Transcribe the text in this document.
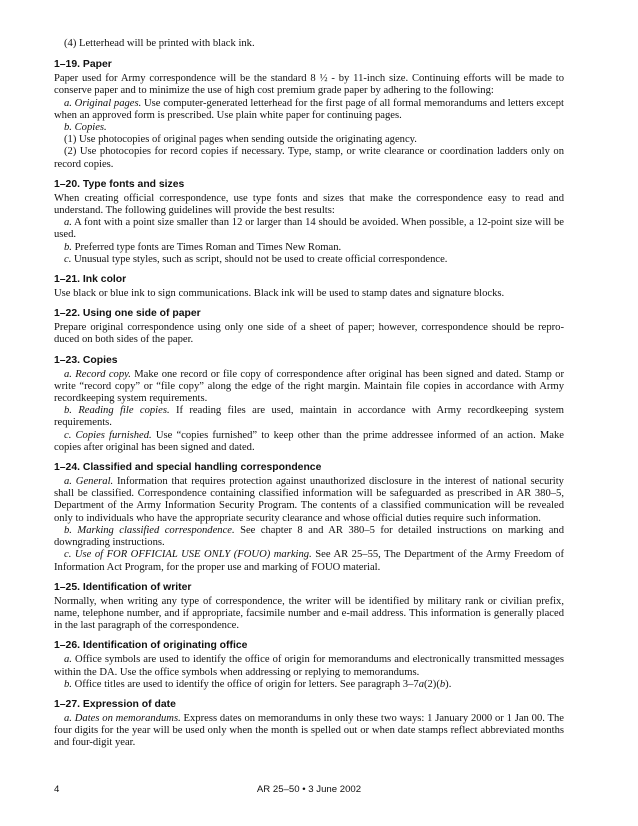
(4) Letterhead will be printed with black ink.

1–19. Paper

Paper used for Army correspondence will be the standard 8 ½ - by 11-inch size. Continuing efforts will be made to conserve paper and to minimize the use of high cost premium grade paper by adhering to the following:

a. Original pages. Use computer-generated letterhead for the first page of all formal memorandums and letters except when an approved form is prescribed. Use plain white paper for continuing pages.

b. Copies.

(1) Use photocopies of original pages when sending outside the originating agency.

(2) Use photocopies for record copies if necessary. Type, stamp, or write clearance or coordination ladders only on record copies.

1–20. Type fonts and sizes

When creating official correspondence, use type fonts and sizes that make the correspondence easy to read and understand. The following guidelines will provide the best results:

a. A font with a point size smaller than 12 or larger than 14 should be avoided. When possible, a 12-point size will be used.

b. Preferred type fonts are Times Roman and Times New Roman.

c. Unusual type styles, such as script, should not be used to create official correspondence.

1–21. Ink color

Use black or blue ink to sign communications. Black ink will be used to stamp dates and signature blocks.

1–22. Using one side of paper

Prepare original correspondence using only one side of a sheet of paper; however, correspondence should be repro- duced on both sides of the paper.

1–23. Copies

a. Record copy. Make one record or file copy of correspondence after original has been signed and dated. Stamp or write “record copy” or “file copy” along the edge of the right margin. Maintain file copies in accordance with Army recordkeeping system requirements.

b. Reading file copies. If reading files are used, maintain in accordance with Army recordkeeping system requirements.

c. Copies furnished. Use “copies furnished” to keep other than the prime addressee informed of an action. Make copies after original has been signed and dated.

1–24. Classified and special handling correspondence

a. General. Information that requires protection against unauthorized disclosure in the interest of national security shall be classified. Correspondence containing classified information will be safeguarded as prescribed in AR 380–5, Department of the Army Information Security Program. The contents of a classified communication will be revealed only to individuals who have the appropriate security clearance and whose official duties require such information.

b. Marking classified correspondence. See chapter 8 and AR 380–5 for detailed instructions on marking and downgrading instructions.

c. Use of FOR OFFICIAL USE ONLY (FOUO) marking. See AR 25–55, The Department of the Army Freedom of Information Act Program, for the proper use and marking of FOUO material.

1–25. Identification of writer

Normally, when writing any type of correspondence, the writer will be identified by military rank or civilian prefix, name, telephone number, and if appropriate, facsimile number and e-mail address. This information is generally placed in the last paragraph of the correspondence.

1–26. Identification of originating office

a. Office symbols are used to identify the office of origin for memorandums and electronically transmitted messages within the DA. Use the office symbols when addressing or replying to memorandums.

b. Office titles are used to identify the office of origin for letters. See paragraph 3–7a(2)(b).

1–27. Expression of date

a. Dates on memorandums. Express dates on memorandums in only these two ways: 1 January 2000 or 1 Jan 00. The four digits for the year will be used only when the month is spelled out or when date stamps reflect abbreviated months and four-digit year.

4	AR 25–50 • 3 June 2002
